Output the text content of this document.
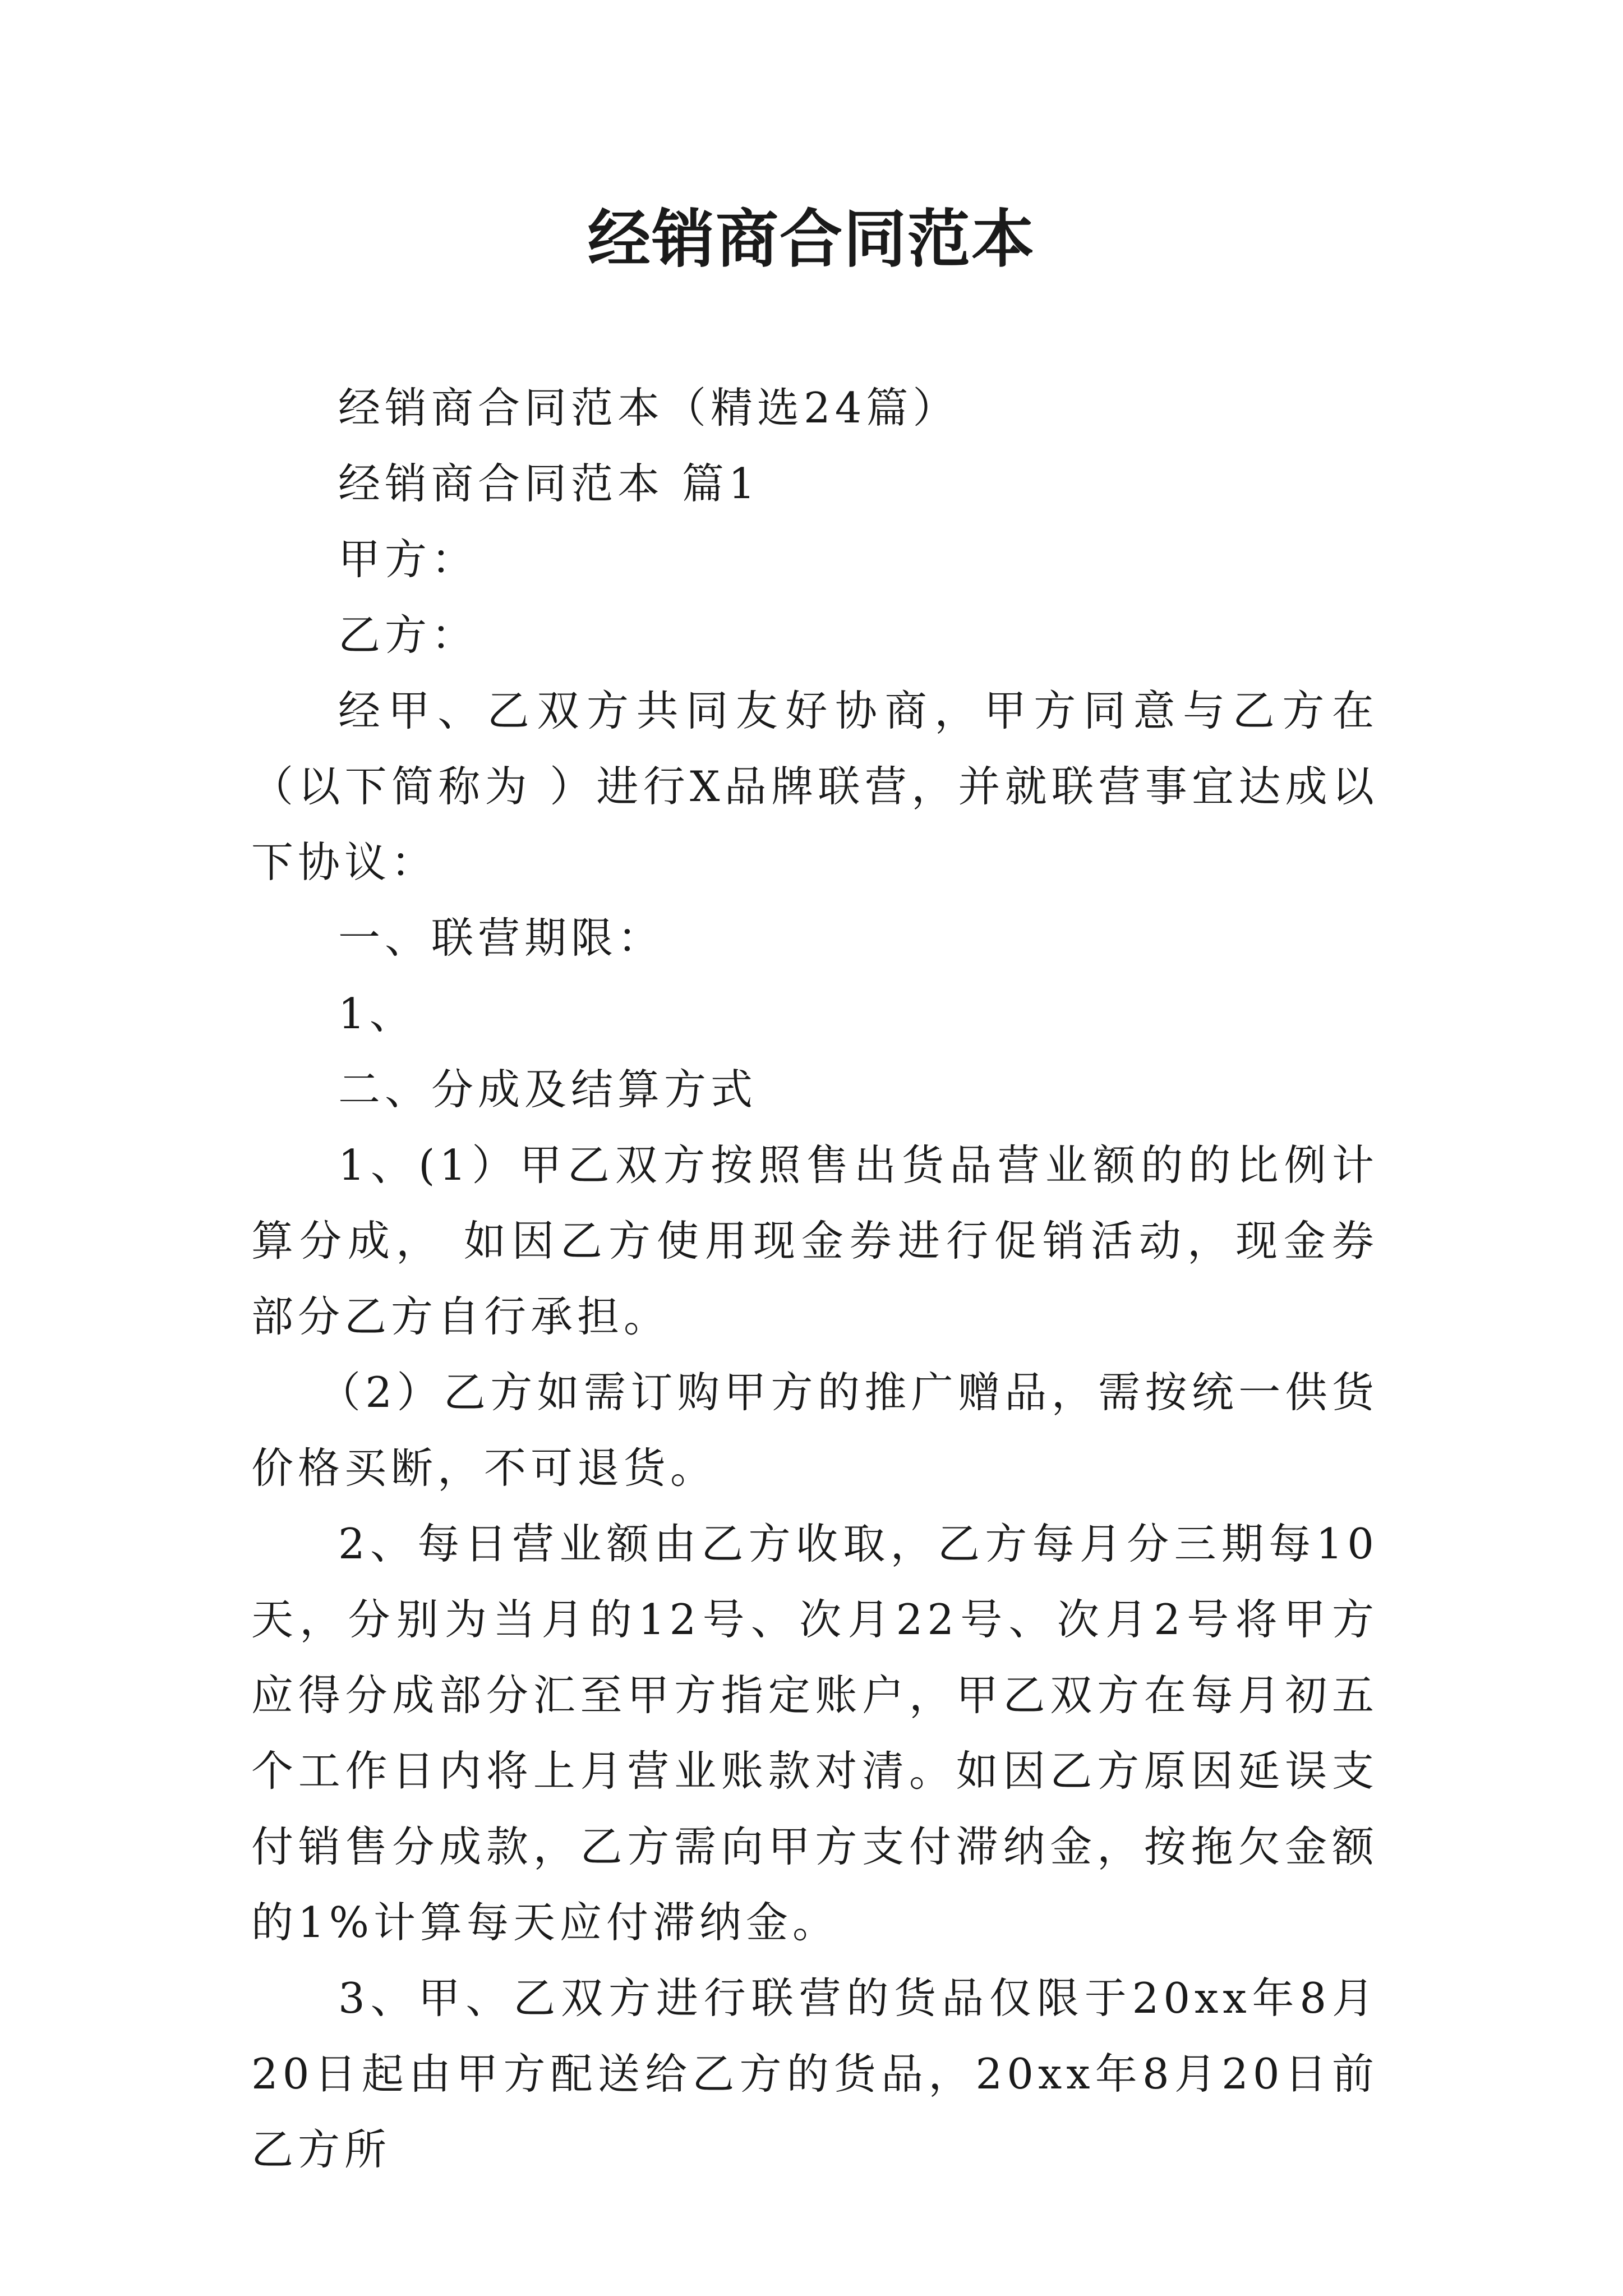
经销商合同范本

经销商合同范本（精选24篇）

经销商合同范本 篇1

甲方：

乙方：

经甲、乙双方共同友好协商，甲方同意与乙方在（以下简称为 ）进行X品牌联营，并就联营事宜达成以下协议：

一、联营期限：

1、

二、分成及结算方式

1、(1）甲乙双方按照售出货品营业额的的比例计算分成， 如因乙方使用现金券进行促销活动，现金券部分乙方自行承担。

（2）乙方如需订购甲方的推广赠品，需按统一供货价格买断，不可退货。

2、每日营业额由乙方收取，乙方每月分三期每10天，分别为当月的12号、次月22号、次月2号将甲方应得分成部分汇至甲方指定账户，甲乙双方在每月初五个工作日内将上月营业账款对清。如因乙方原因延误支付销售分成款，乙方需向甲方支付滞纳金，按拖欠金额的1%计算每天应付滞纳金。

3、甲、乙双方进行联营的货品仅限于20xx年8月20日起由甲方配送给乙方的货品，20xx年8月20日前乙方所
